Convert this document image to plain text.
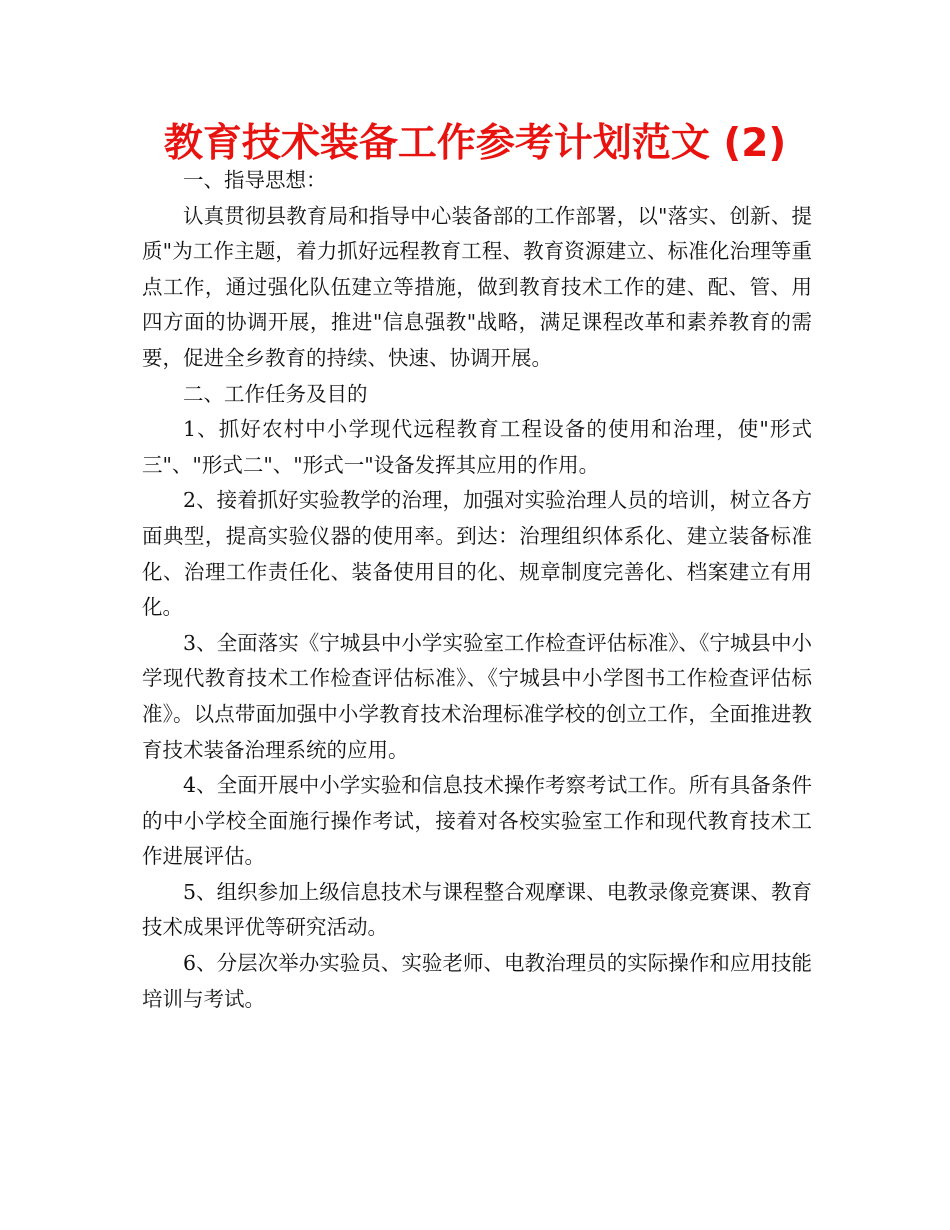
教育技术装备工作参考计划范文 (2)

一、指导思想：

认真贯彻县教育局和指导中心装备部的工作部署，以"落实、创新、提质"为工作主题，着力抓好远程教育工程、教育资源建立、标准化治理等重点工作，通过强化队伍建立等措施，做到教育技术工作的建、配、管、用四方面的协调开展，推进"信息强教"战略，满足课程改革和素养教育的需要，促进全乡教育的持续、快速、协调开展。

二、工作任务及目的

1、抓好农村中小学现代远程教育工程设备的使用和治理，使"形式三"、"形式二"、"形式一"设备发挥其应用的作用。

2、接着抓好实验教学的治理，加强对实验治理人员的培训，树立各方面典型，提高实验仪器的使用率。到达：治理组织体系化、建立装备标准化、治理工作责任化、装备使用目的化、规章制度完善化、档案建立有用化。

3、全面落实《宁城县中小学实验室工作检查评估标准》、《宁城县中小学现代教育技术工作检查评估标准》、《宁城县中小学图书工作检查评估标准》。以点带面加强中小学教育技术治理标准学校的创立工作，全面推进教育技术装备治理系统的应用。

4、全面开展中小学实验和信息技术操作考察考试工作。所有具备条件的中小学校全面施行操作考试，接着对各校实验室工作和现代教育技术工作进展评估。

5、组织参加上级信息技术与课程整合观摩课、电教录像竞赛课、教育技术成果评优等研究活动。

6、分层次举办实验员、实验老师、电教治理员的实际操作和应用技能培训与考试。
